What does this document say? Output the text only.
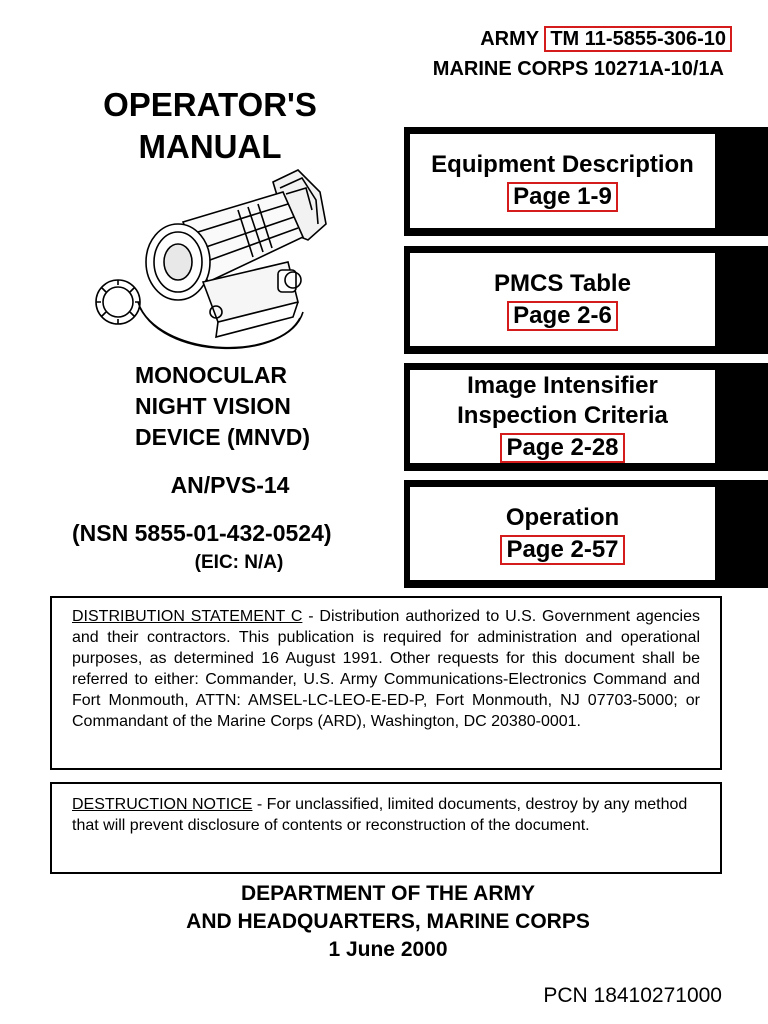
ARMY TM 11-5855-306-10
MARINE CORPS 10271A-10/1A
OPERATOR'S
MANUAL
MONOCULAR
NIGHT VISION
DEVICE (MNVD)
AN/PVS-14
(NSN 5855-01-432-0524)
(EIC: N/A)
Equipment Description
Page 1-9
PMCS Table
Page 2-6
Image Intensifier
Inspection Criteria
Page 2-28
Operation
Page 2-57
DISTRIBUTION STATEMENT C - Distribution authorized to U.S. Government agencies and their contractors. This publication is required for administration and operational purposes, as determined 16 August 1991. Other requests for this document shall be referred to either: Commander, U.S. Army Communications-Electronics Command and Fort Monmouth, ATTN: AMSEL-LC-LEO-E-ED-P, Fort Monmouth, NJ 07703-5000; or Commandant of the Marine Corps (ARD), Washington, DC 20380-0001.
DESTRUCTION NOTICE - For unclassified, limited documents, destroy by any method that will prevent disclosure of contents or reconstruction of the document.
DEPARTMENT OF THE ARMY
AND HEADQUARTERS, MARINE CORPS
1 June 2000
PCN 18410271000
